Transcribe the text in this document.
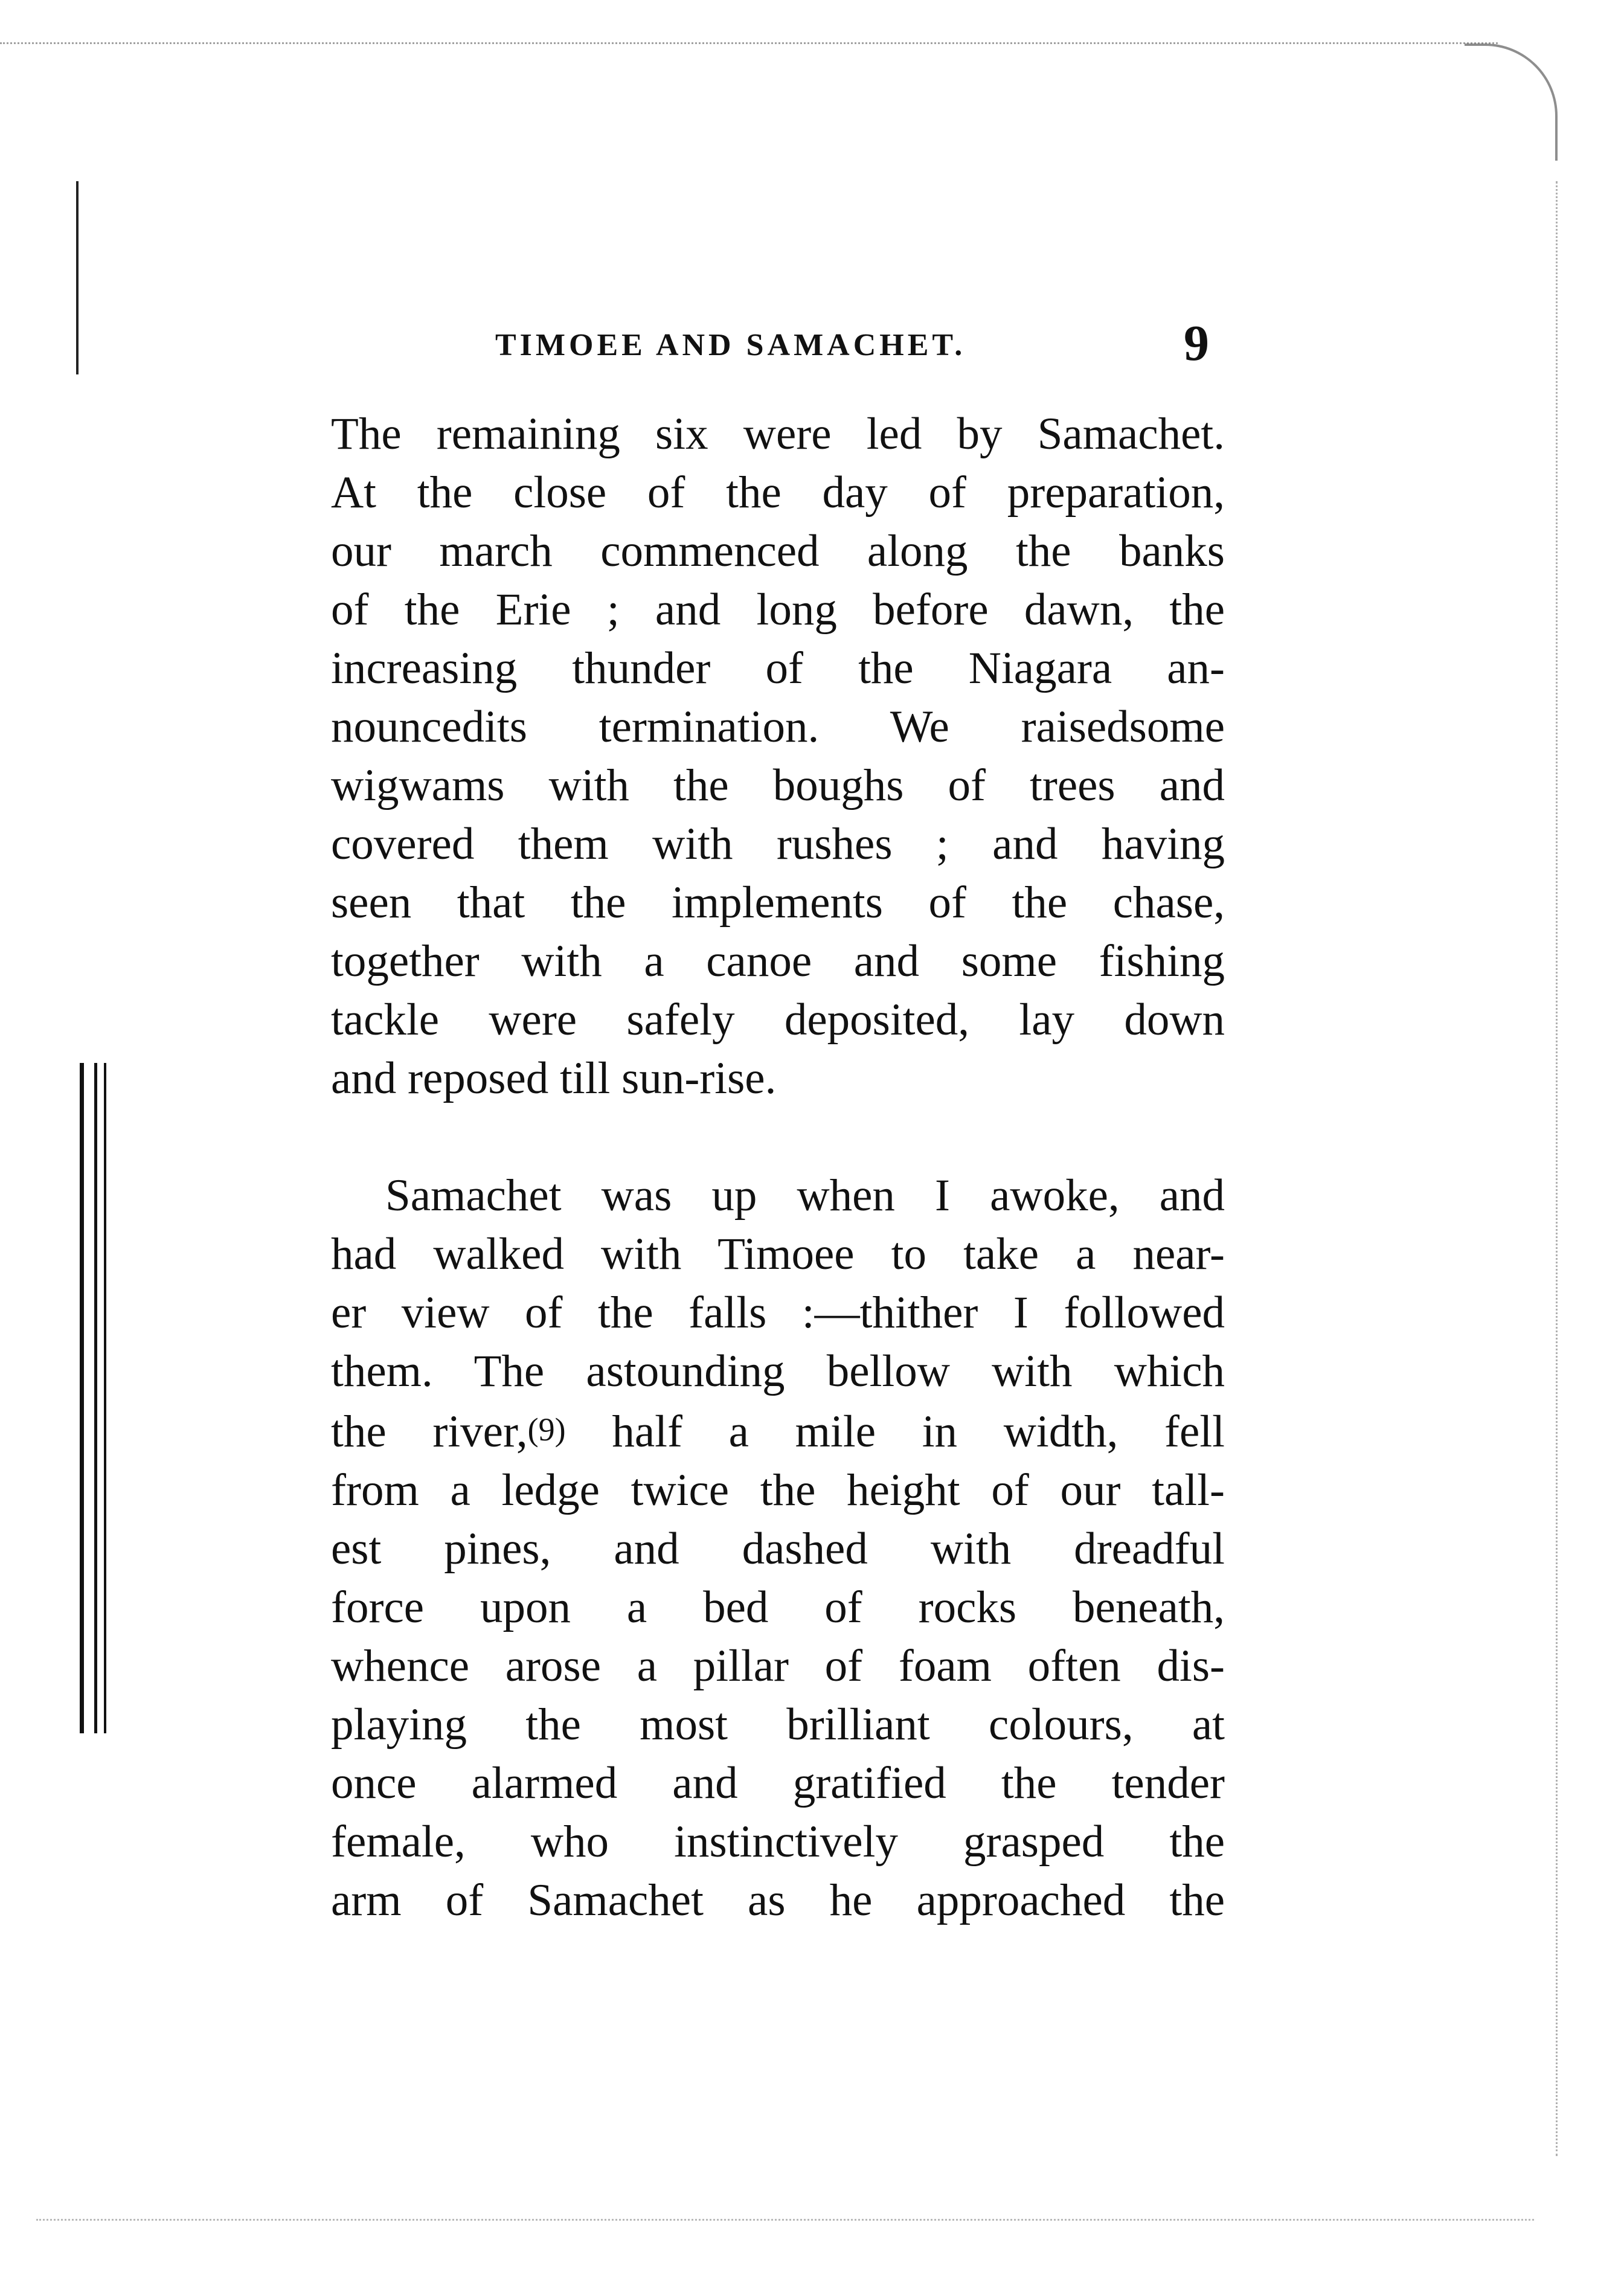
TIMOEE AND SAMACHET.	9

The remaining six were led by Samachet.
At the close of the day of preparation,
our march commenced along the banks
of the Erie ; and long before dawn, the
increasing thunder of the Niagara an-
nouncedits termination. We raisedsome
wigwams with the boughs of trees and
covered them with rushes ; and having
seen that the implements of the chase,
together with a canoe and some fishing
tackle were safely deposited, lay down
and reposed till sun-rise.

Samachet was up when I awoke, and
had walked with Timoee to take a near-
er view of the falls :—thither I followed
them. The astounding bellow with which
the river,(9) half a mile in width, fell
from a ledge twice the height of our tall-
est pines, and dashed with dreadful
force upon a bed of rocks beneath,
whence arose a pillar of foam often dis-
playing the most brilliant colours, at
once alarmed and gratified the tender
female, who instinctively grasped the
arm of Samachet as he approached the
